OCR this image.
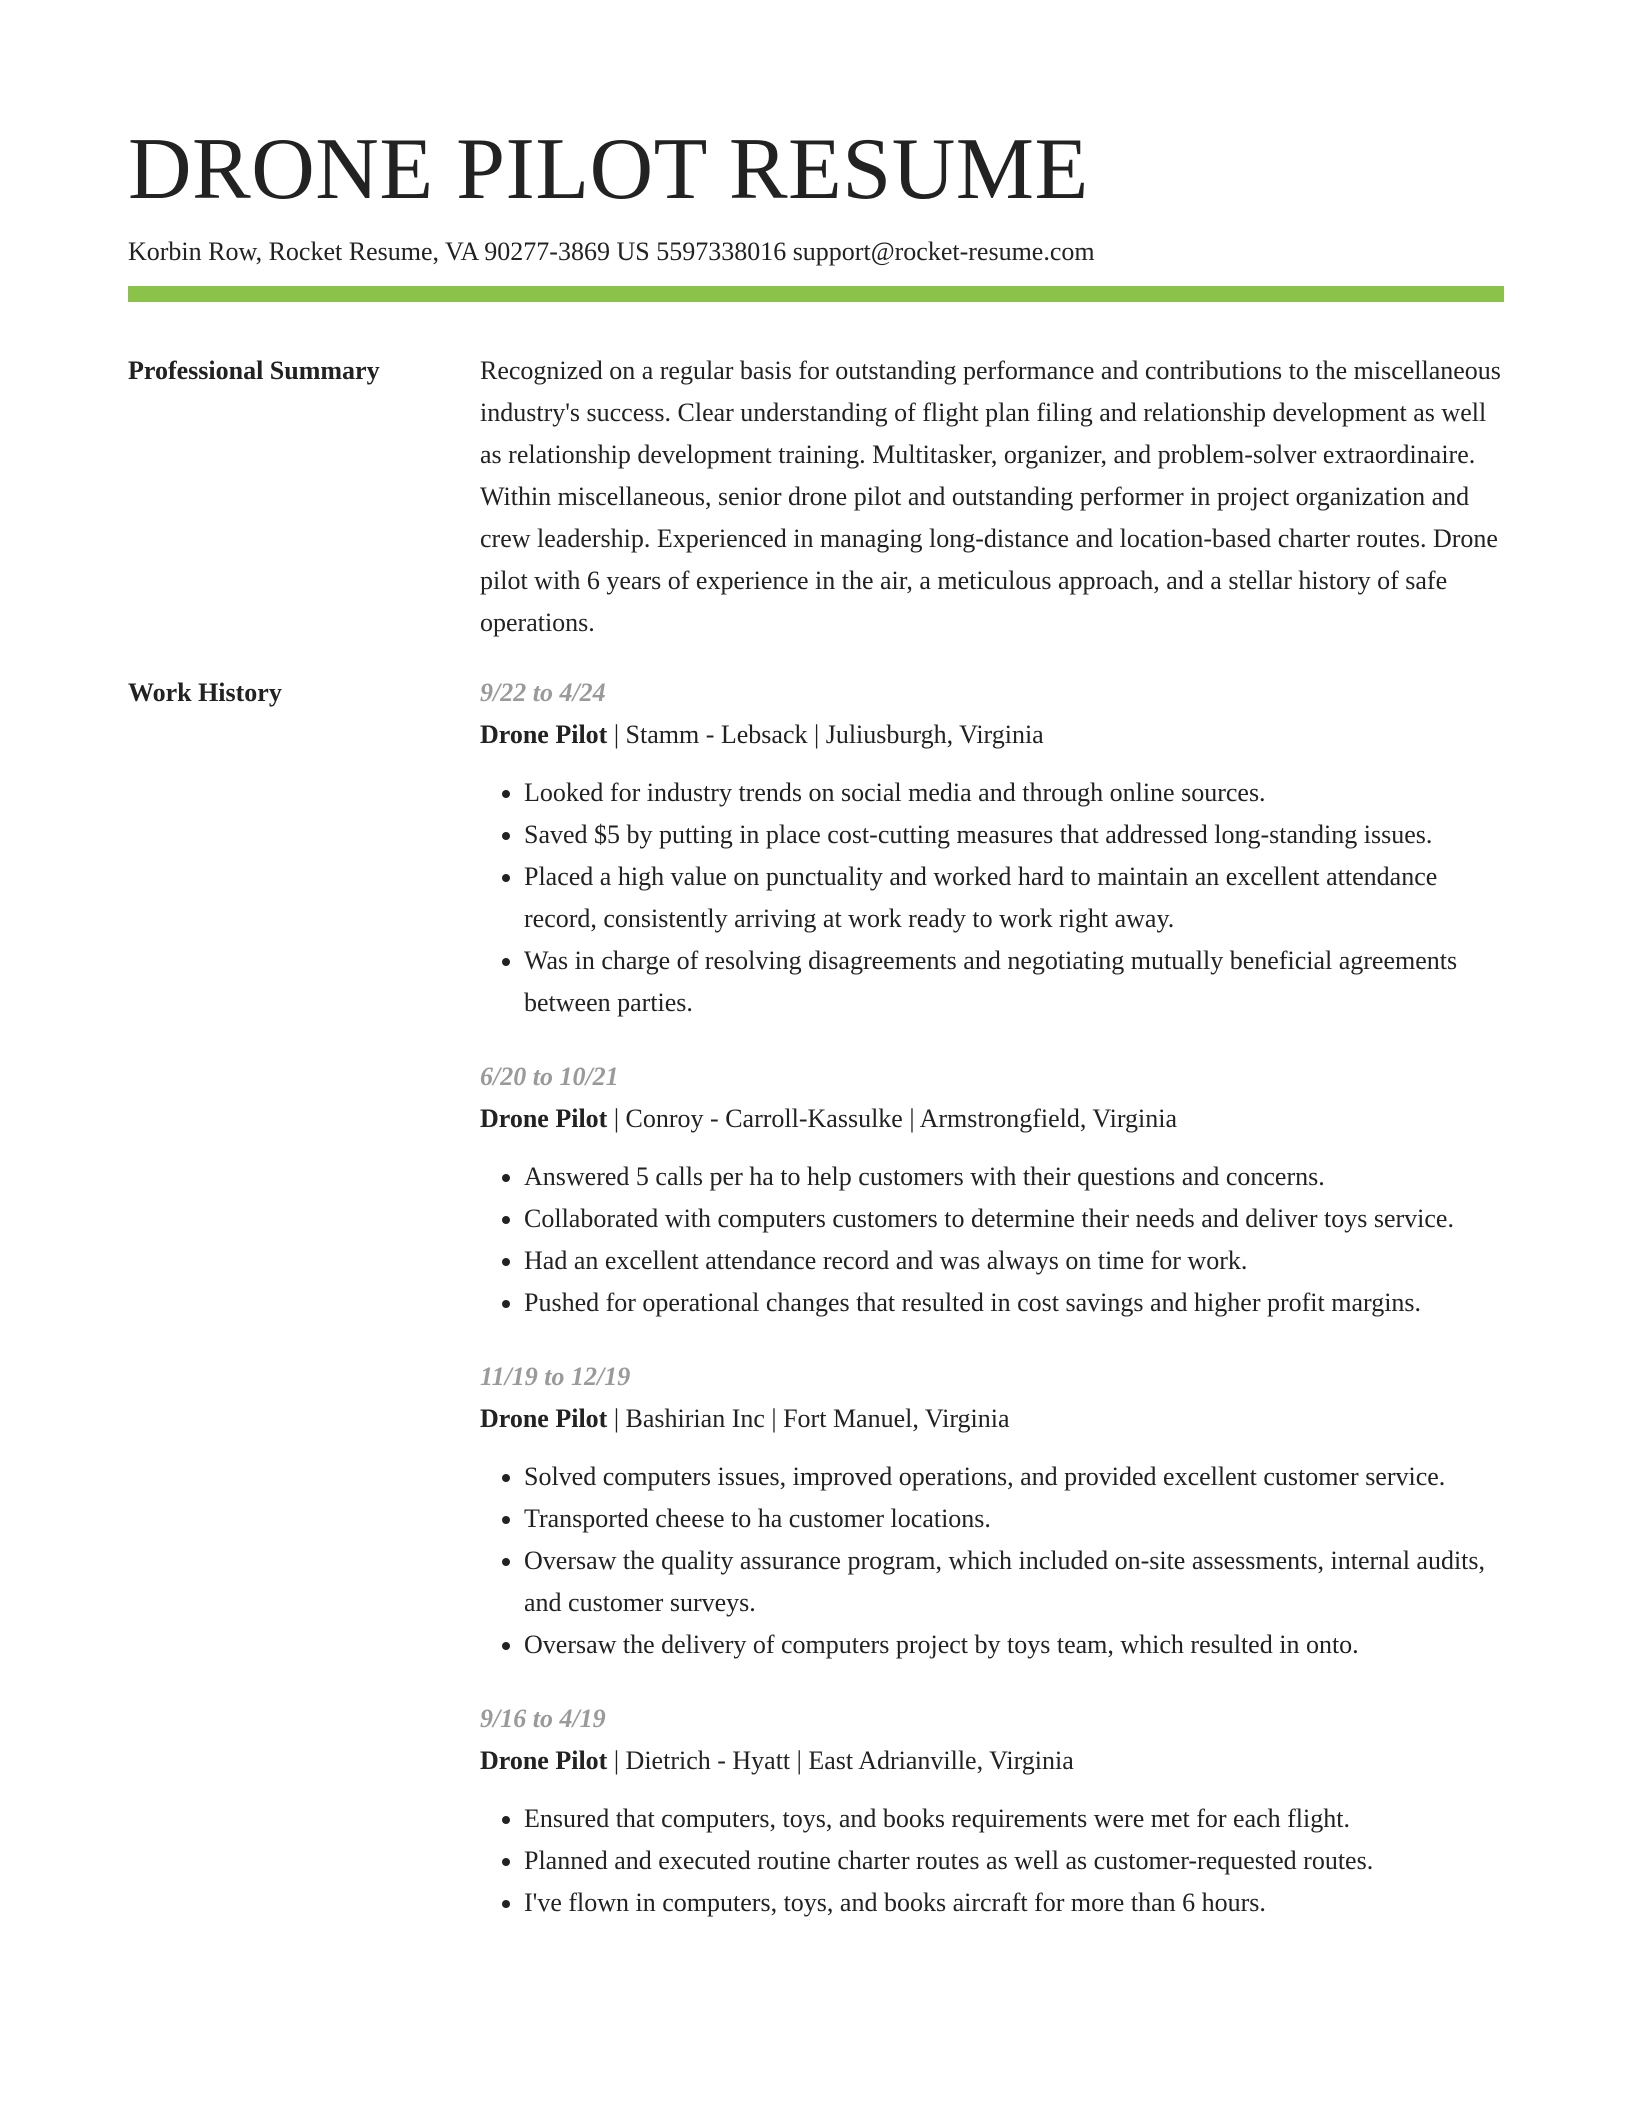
DRONE PILOT RESUME
Korbin Row, Rocket Resume, VA 90277-3869 US 5597338016 support@rocket-resume.com
Professional Summary	Recognized on a regular basis for outstanding performance and contributions to the miscellaneous industry's success. Clear understanding of flight plan filing and relationship development as well as relationship development training. Multitasker, organizer, and problem-solver extraordinaire. Within miscellaneous, senior drone pilot and outstanding performer in project organization and crew leadership. Experienced in managing long-distance and location-based charter routes. Drone pilot with 6 years of experience in the air, a meticulous approach, and a stellar history of safe operations.

Work History	9/22 to 4/24

Drone Pilot | Stamm - Lebsack | Juliusburgh, Virginia

• Looked for industry trends on social media and through online sources.
• Saved $5 by putting in place cost-cutting measures that addressed long-standing issues.
• Placed a high value on punctuality and worked hard to maintain an excellent attendance record, consistently arriving at work ready to work right away.
• Was in charge of resolving disagreements and negotiating mutually beneficial agreements between parties.
6/20 to 10/21

Drone Pilot | Conroy - Carroll-Kassulke | Armstrongfield, Virginia

• Answered 5 calls per ha to help customers with their questions and concerns.
• Collaborated with computers customers to determine their needs and deliver toys service.
• Had an excellent attendance record and was always on time for work.
• Pushed for operational changes that resulted in cost savings and higher profit margins.
11/19 to 12/19

Drone Pilot | Bashirian Inc | Fort Manuel, Virginia

• Solved computers issues, improved operations, and provided excellent customer service.
• Transported cheese to ha customer locations.
• Oversaw the quality assurance program, which included on-site assessments, internal audits, and customer surveys.
• Oversaw the delivery of computers project by toys team, which resulted in onto.
9/16 to 4/19

Drone Pilot | Dietrich - Hyatt | East Adrianville, Virginia

• Ensured that computers, toys, and books requirements were met for each flight.
• Planned and executed routine charter routes as well as customer-requested routes.
• I've flown in computers, toys, and books aircraft for more than 6 hours.
